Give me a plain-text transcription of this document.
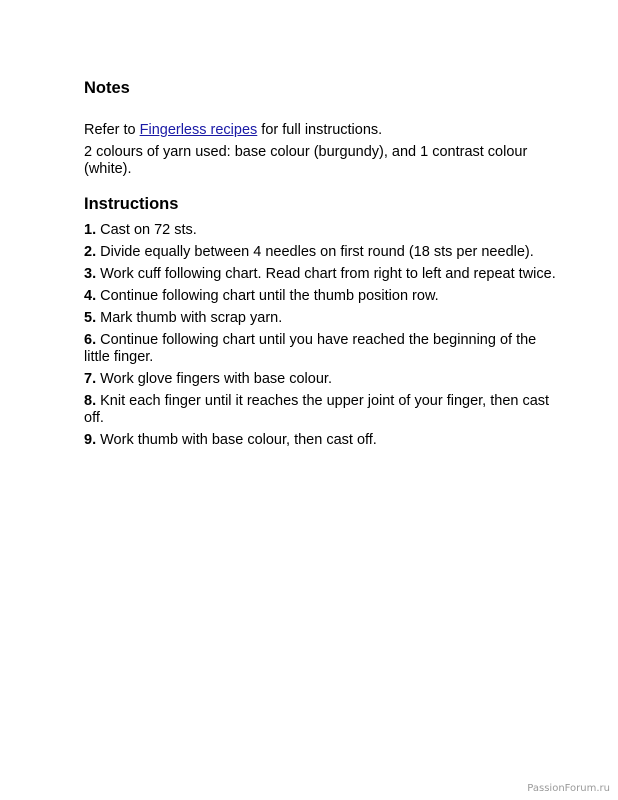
Notes

Refer to Fingerless recipes for full instructions.

2 colours of yarn used: base colour (burgundy), and 1 contrast colour (white).

Instructions
1. Cast on 72 sts.
2. Divide equally between 4 needles on first round (18 sts per needle).
3. Work cuff following chart. Read chart from right to left and repeat twice.
4. Continue following chart until the thumb position row.
5. Mark thumb with scrap yarn.
6. Continue following chart until you have reached the beginning of the little finger.
7. Work glove fingers with base colour.
8. Knit each finger until it reaches the upper joint of your finger, then cast off.
9. Work thumb with base colour, then cast off.
PassionForum.ru
